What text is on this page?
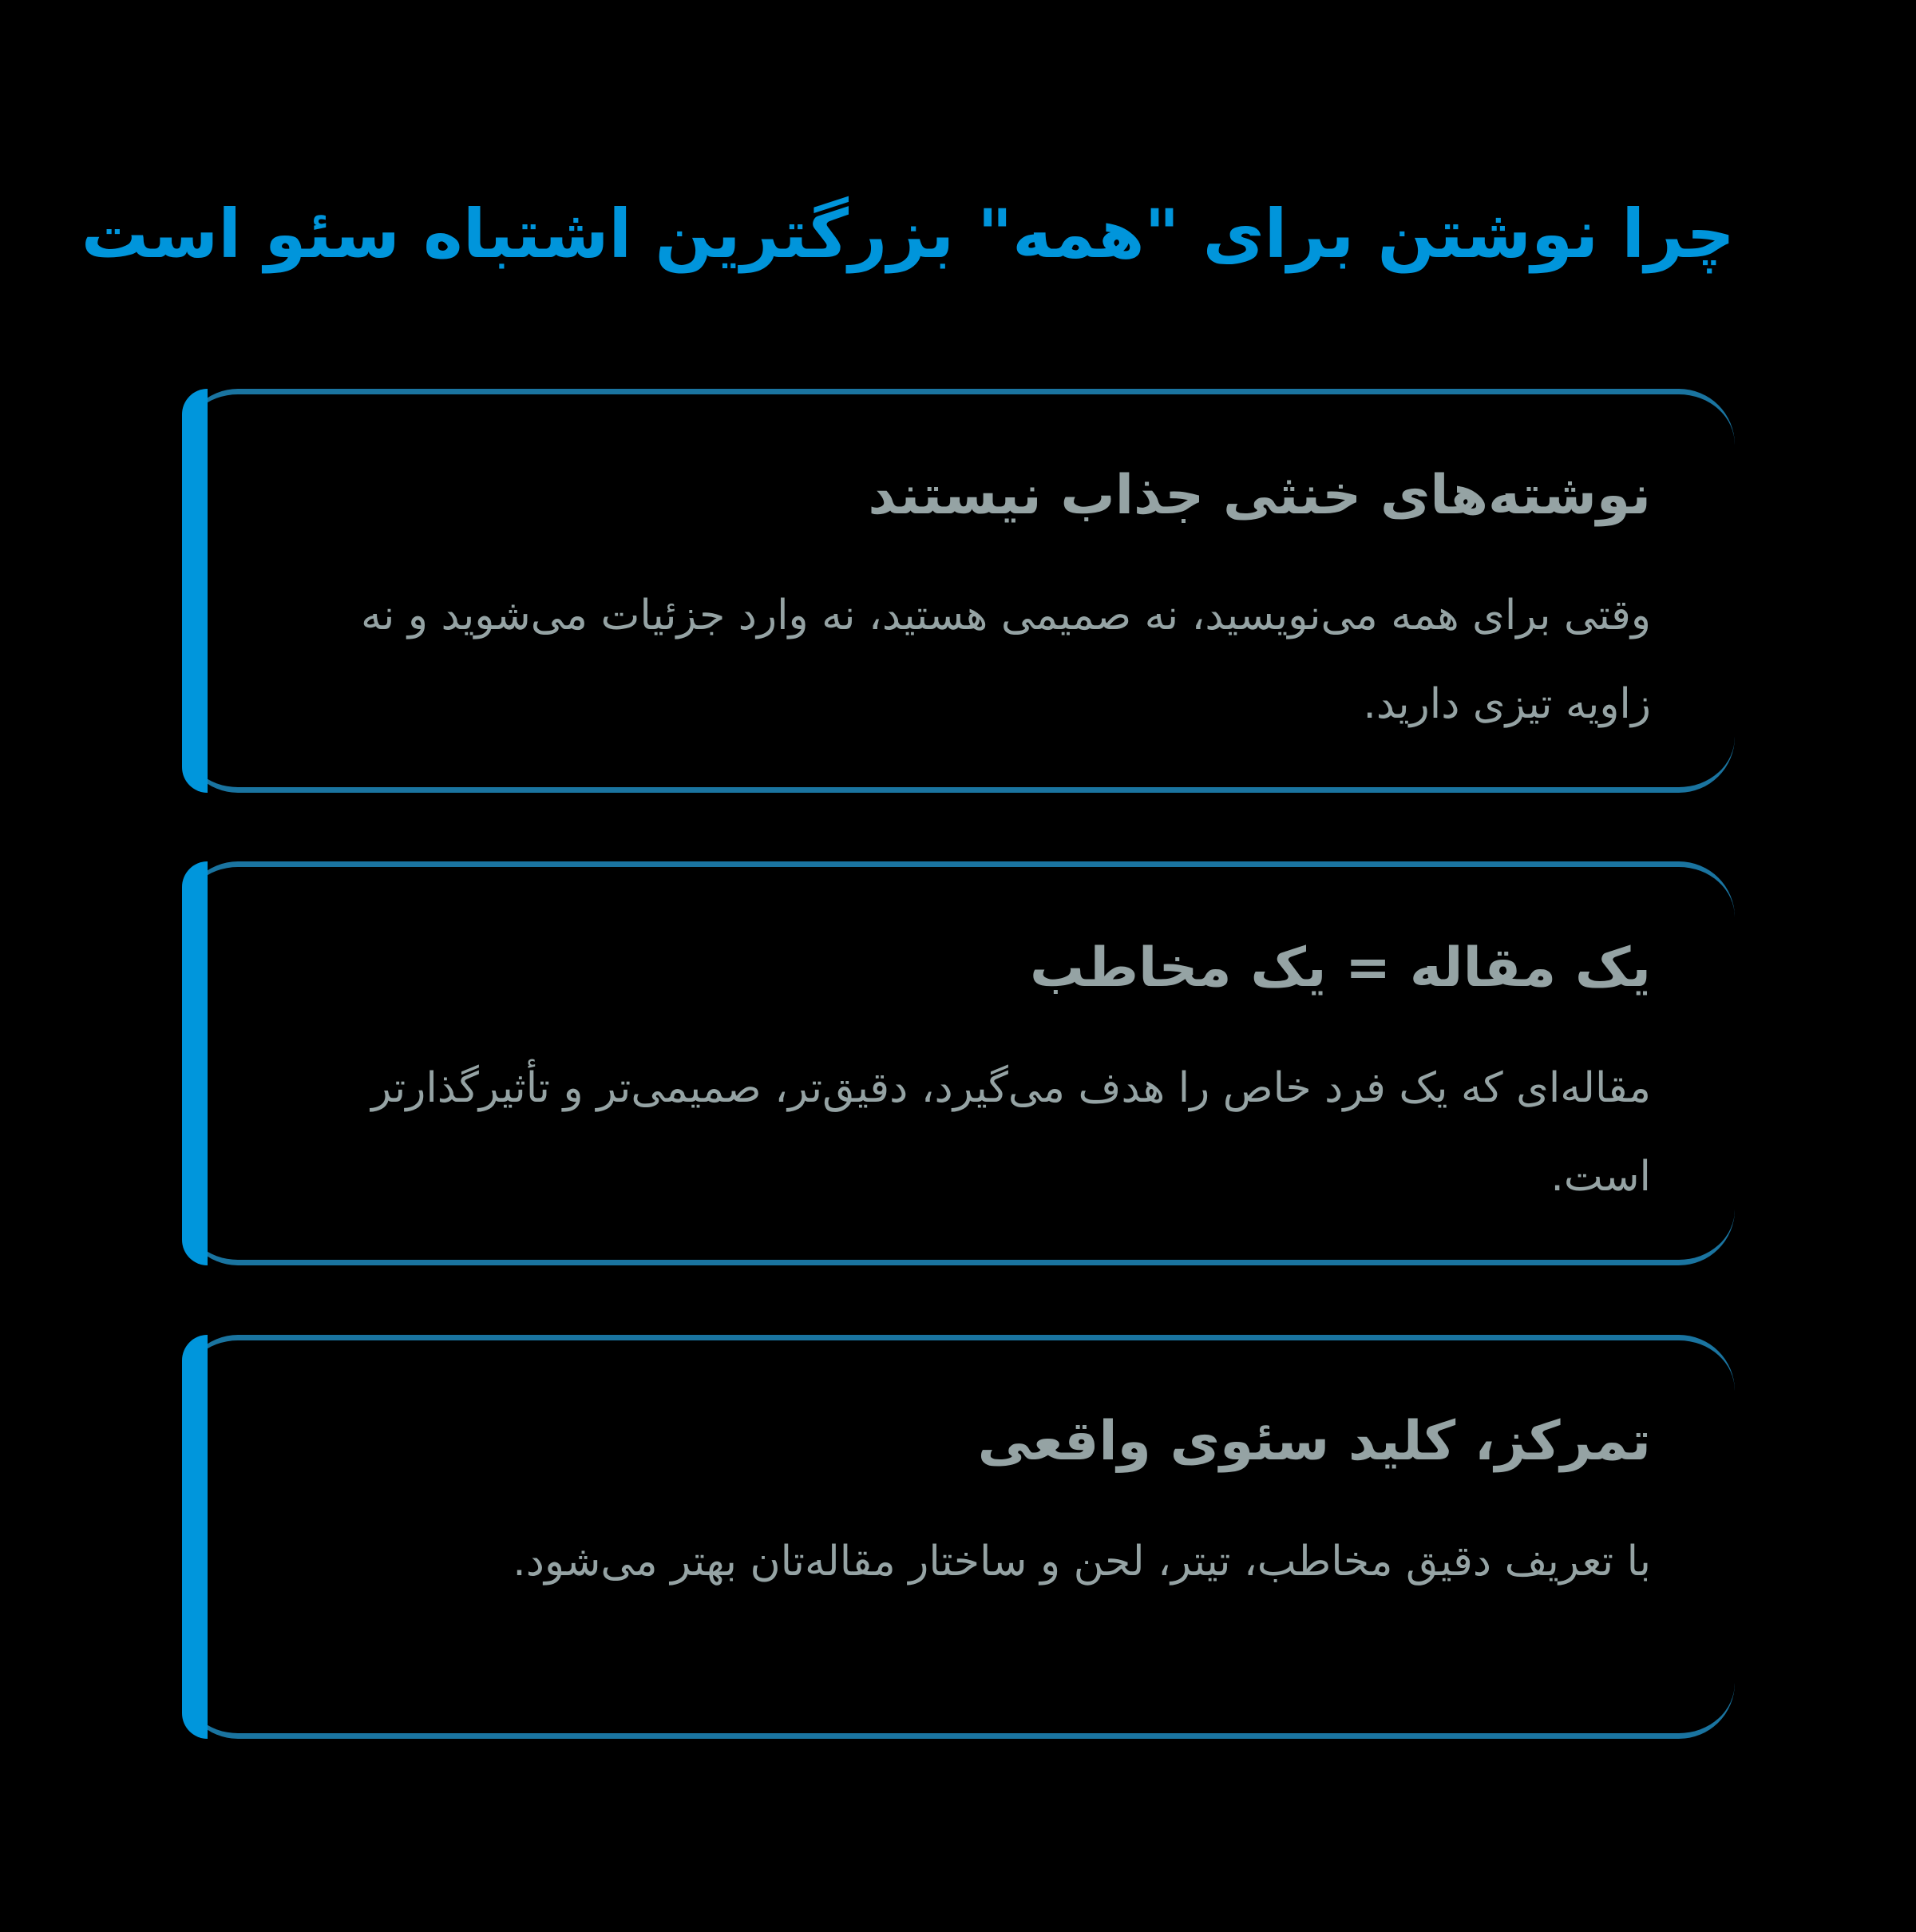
چرا نوشتن برای "همه" بزرگترین اشتباه سئو است
نوشته‌های خنثی جذاب نیستند
وقتی برای همه می‌نویسید، نه صمیمی هستید، نه وارد جزئیات می‌شوید و نه زاویه تیزی دارید.
یک مقاله = یک مخاطب
مقاله‌ای که یک فرد خاص را هدف می‌گیرد، دقیق‌تر، صمیمی‌تر و تأثیرگذارتر است.
تمرکز، کلید سئوی واقعی
با تعریف دقیق مخاطب، تیتر، لحن و ساختار مقاله‌تان بهتر می‌شود.
